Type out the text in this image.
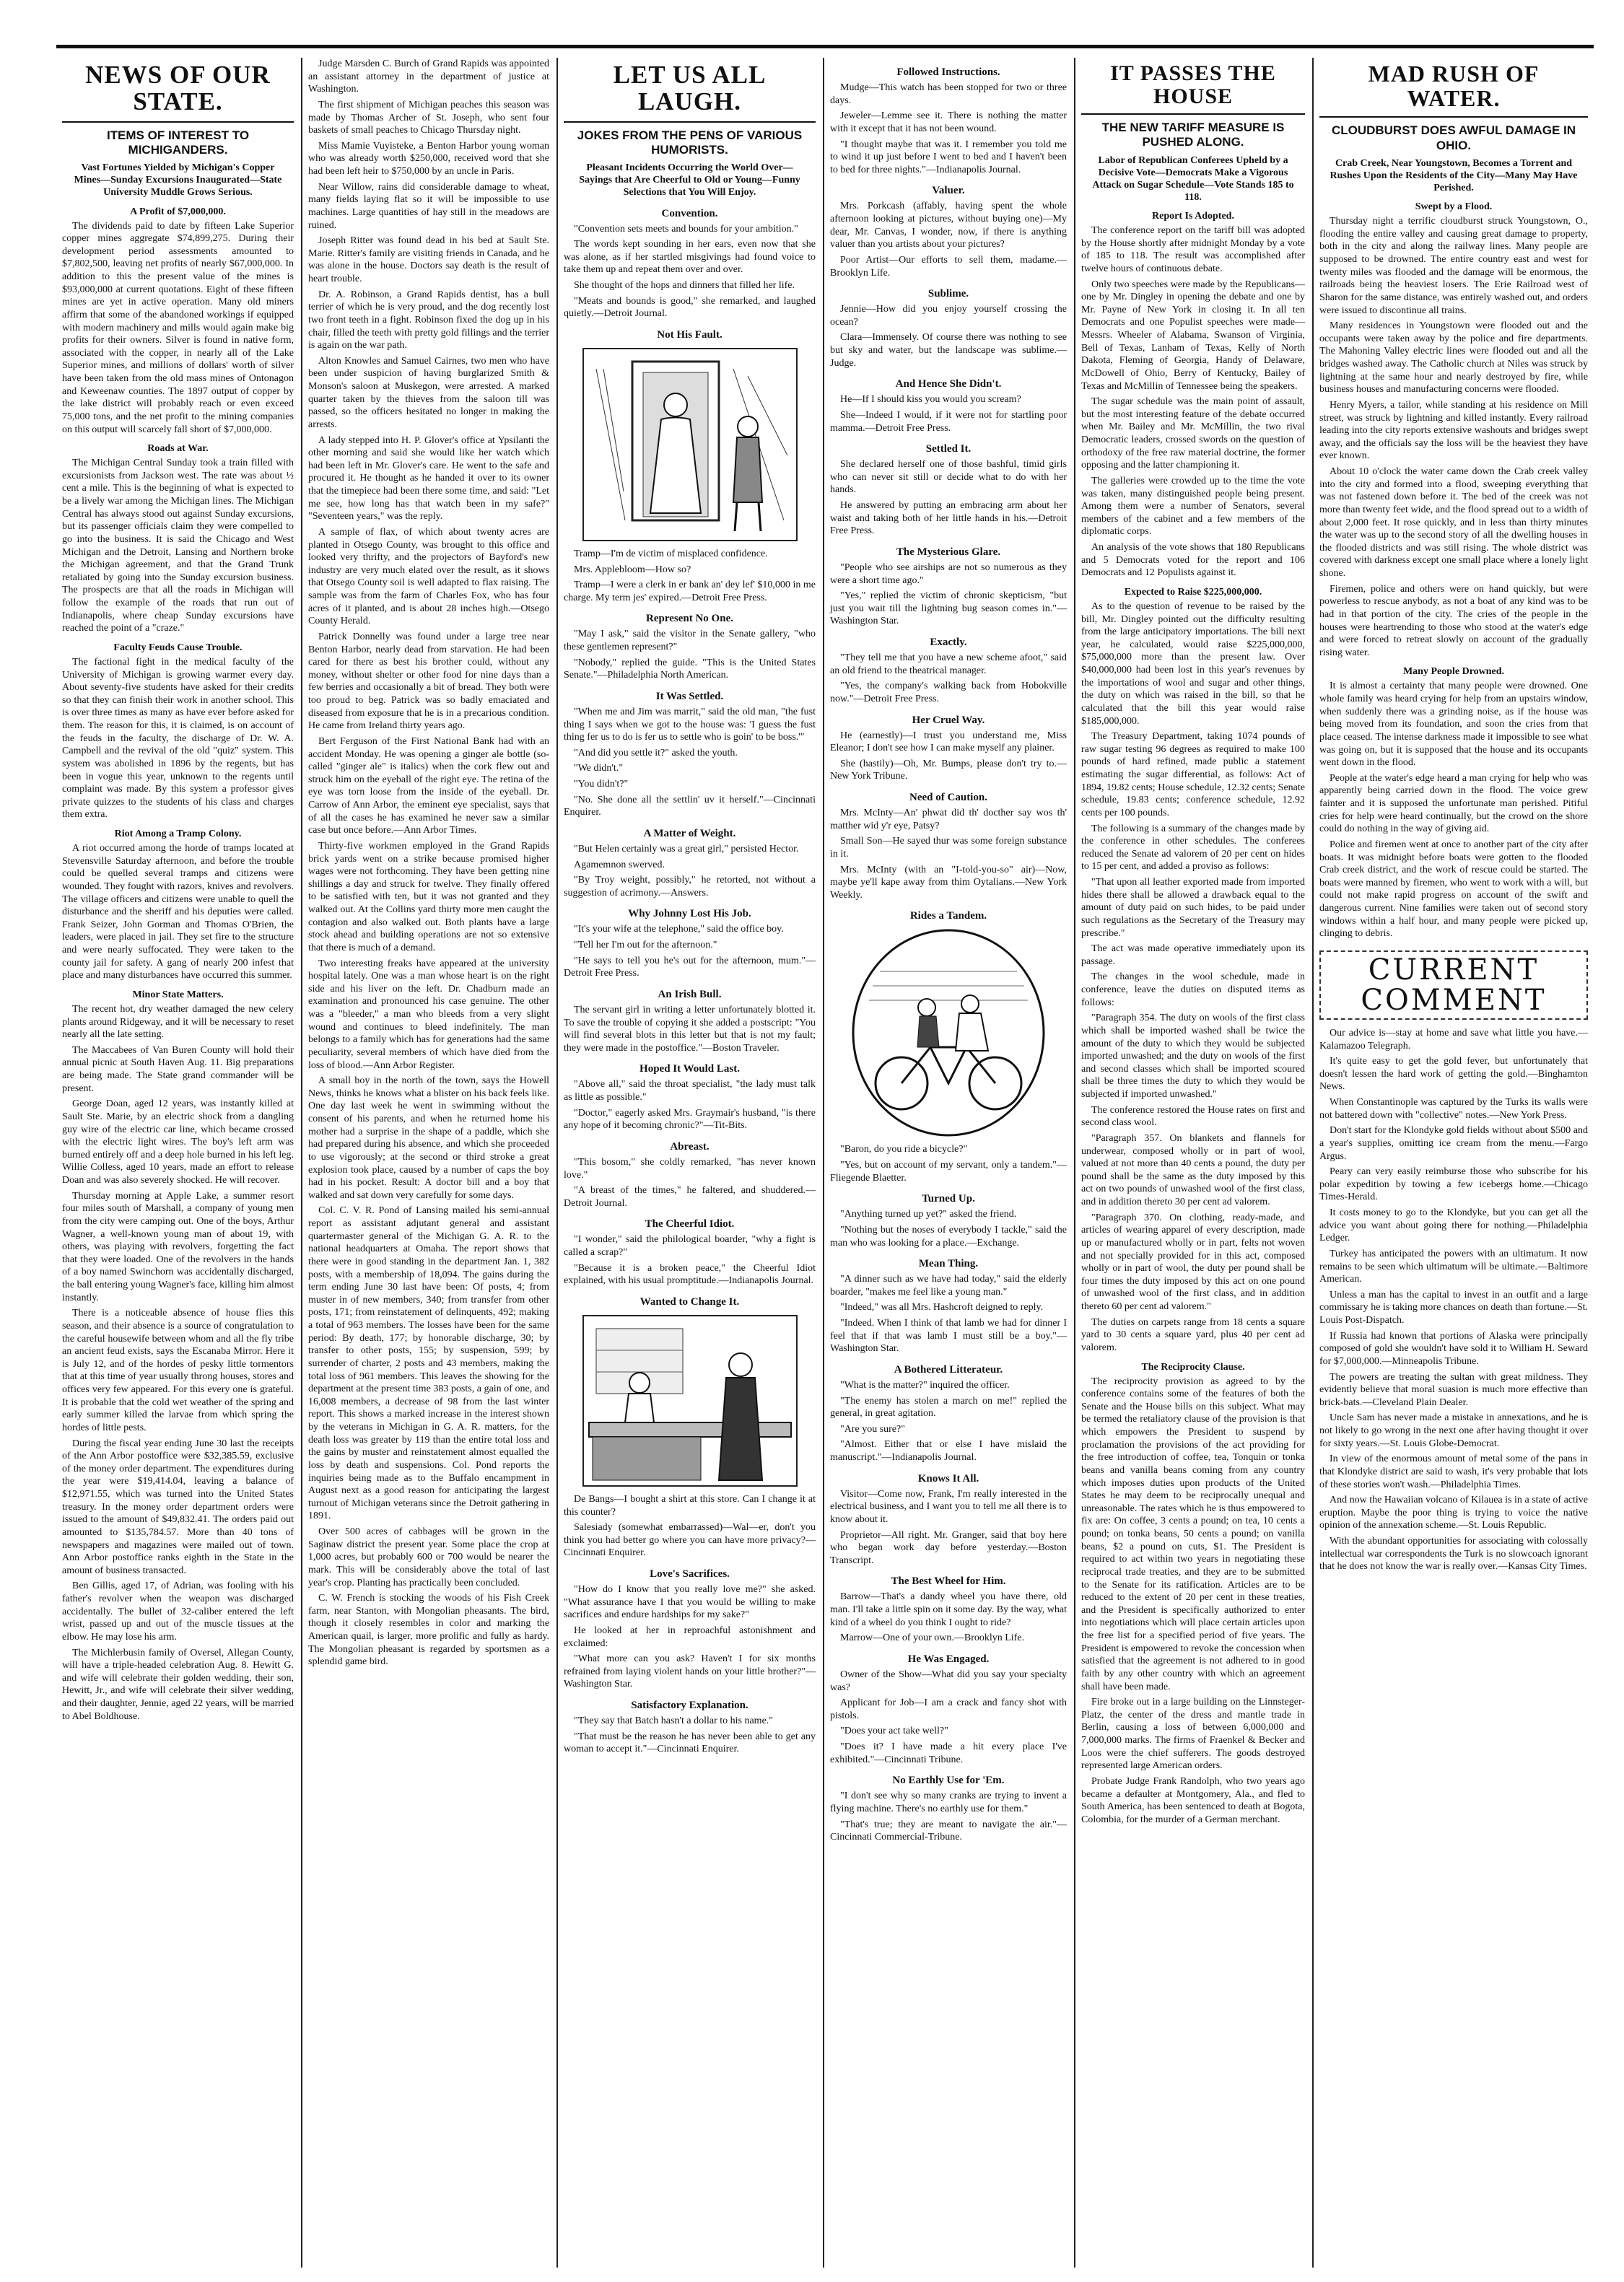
NEWS OF OUR STATE.
ITEMS OF INTEREST TO MICHIGANDERS.
Vast Fortunes Yielded by Michigan's Copper Mines—Sunday Excursions Inaugurated—State University Muddle Grows Serious.
A Profit of $7,000,000.

The dividends paid to date by fifteen Lake Superior copper mines aggregate $74,899,275. During their development period assessments amounted to $7,802,500, leaving net profits of nearly $67,000,000. In addition to this the present value of the mines is $93,000,000 at current quotations. Eight of these fifteen mines are yet in active operation. Many old miners affirm that some of the abandoned workings if equipped with modern machinery and mills would again make big profits for their owners. Silver is found in native form, associated with the copper, in nearly all of the Lake Superior mines, and millions of dollars' worth of silver have been taken from the old mass mines of Ontonagon and Keweenaw counties. The 1897 output of copper by the lake district will probably reach or even exceed 75,000 tons, and the net profit to the mining companies on this output will scarcely fall short of $7,000,000.

Roads at War.

The Michigan Central Sunday took a train filled with excursionists from Jackson west. The rate was about ½ cent a mile. This is the beginning of what is expected to be a lively war among the Michigan lines. The Michigan Central has always stood out against Sunday excursions, but its passenger officials claim they were compelled to go into the business. It is said the Chicago and West Michigan and the Detroit, Lansing and Northern broke the Michigan agreement, and that the Grand Trunk retaliated by going into the Sunday excursion business. The prospects are that all the roads in Michigan will follow the example of the roads that run out of Indianapolis, where cheap Sunday excursions have reached the point of a "craze."

Faculty Feuds Cause Trouble.

The factional fight in the medical faculty of the University of Michigan is growing warmer every day. About seventy-five students have asked for their credits so that they can finish their work in another school. This is over three times as many as have ever before asked for them. The reason for this, it is claimed, is on account of the feuds in the faculty, the discharge of Dr. W. A. Campbell and the revival of the old "quiz" system. This system was abolished in 1896 by the regents, but has been in vogue this year, unknown to the regents until complaint was made. By this system a professor gives private quizzes to the students of his class and charges them extra.

Riot Among a Tramp Colony.

A riot occurred among the horde of tramps located at Stevensville Saturday afternoon, and before the trouble could be quelled several tramps and citizens were wounded. They fought with razors, knives and revolvers. The village officers and citizens were unable to quell the disturbance and the sheriff and his deputies were called. Frank Seizer, John Gorman and Thomas O'Brien, the leaders, were placed in jail. They set fire to the structure and were nearly suffocated. They were taken to the county jail for safety. A gang of nearly 200 infest that place and many disturbances have occurred this summer.

Minor State Matters.

The recent hot, dry weather damaged the new celery plants around Ridgeway, and it will be necessary to reset nearly all the late setting.

The Maccabees of Van Buren County will hold their annual picnic at South Haven Aug. 11. Big preparations are being made. The State grand commander will be present.

George Doan, aged 12 years, was instantly killed at Sault Ste. Marie, by an electric shock from a dangling guy wire of the electric car line, which became crossed with the electric light wires. The boy's left arm was burned entirely off and a deep hole burned in his left leg. Willie Colless, aged 10 years, made an effort to release Doan and was also severely shocked. He will recover.

Thursday morning at Apple Lake, a summer resort four miles south of Marshall, a company of young men from the city were camping out. One of the boys, Arthur Wagner, a well-known young man of about 19, with others, was playing with revolvers, forgetting the fact that they were loaded. One of the revolvers in the hands of a boy named Swinchorn was accidentally discharged, the ball entering young Wagner's face, killing him almost instantly.

There is a noticeable absence of house flies this season, and their absence is a source of congratulation to the careful housewife between whom and all the fly tribe an ancient feud exists, says the Escanaba Mirror. Here it is July 12, and of the hordes of pesky little tormentors that at this time of year usually throng houses, stores and offices very few appeared. For this every one is grateful. It is probable that the cold wet weather of the spring and early summer killed the larvae from which spring the hordes of little pests.

During the fiscal year ending June 30 last the receipts of the Ann Arbor postoffice were $32,385.59, exclusive of the money order department. The expenditures during the year were $19,414.04, leaving a balance of $12,971.55, which was turned into the United States treasury. In the money order department orders were issued to the amount of $49,832.41. The orders paid out amounted to $135,784.57. More than 40 tons of newspapers and magazines were mailed out of town. Ann Arbor postoffice ranks eighth in the State in the amount of business transacted.

Ben Gillis, aged 17, of Adrian, was fooling with his father's revolver when the weapon was discharged accidentally. The bullet of 32-caliber entered the left wrist, passed up and out of the muscle tissues at the elbow. He may lose his arm.

The Michlerbusin family of Oversel, Allegan County, will have a triple-headed celebration Aug. 8. Hewitt G. and wife will celebrate their golden wedding, their son, Hewitt, Jr., and wife will celebrate their silver wedding, and their daughter, Jennie, aged 22 years, will be married to Abel Boldhouse.

Judge Marsden C. Burch of Grand Rapids was appointed an assistant attorney in the department of justice at Washington.

The first shipment of Michigan peaches this season was made by Thomas Archer of St. Joseph, who sent four baskets of small peaches to Chicago Thursday night.

Miss Mamie Vuyisteke, a Benton Harbor young woman who was already worth $250,000, received word that she had been left heir to $750,000 by an uncle in Paris.

Near Willow, rains did considerable damage to wheat, many fields laying flat so it will be impossible to use machines. Large quantities of hay still in the meadows are ruined.

Joseph Ritter was found dead in his bed at Sault Ste. Marie. Ritter's family are visiting friends in Canada, and he was alone in the house. Doctors say death is the result of heart trouble.

Dr. A. Robinson, a Grand Rapids dentist, has a bull terrier of which he is very proud, and the dog recently lost two front teeth in a fight. Robinson fixed the dog up in his chair, filled the teeth with pretty gold fillings and the terrier is again on the war path.

Alton Knowles and Samuel Cairnes, two men who have been under suspicion of having burglarized Smith & Monson's saloon at Muskegon, were arrested. A marked quarter taken by the thieves from the saloon till was passed, so the officers hesitated no longer in making the arrests.

A lady stepped into H. P. Glover's office at Ypsilanti the other morning and said she would like her watch which had been left in Mr. Glover's care. He went to the safe and procured it. He thought as he handed it over to its owner that the timepiece had been there some time, and said: "Let me see, how long has that watch been in my safe?" "Seventeen years," was the reply.

A sample of flax, of which about twenty acres are planted in Otsego County, was brought to this office and looked very thrifty, and the projectors of Bayford's new industry are very much elated over the result, as it shows that Otsego County soil is well adapted to flax raising. The sample was from the farm of Charles Fox, who has four acres of it planted, and is about 28 inches high.—Otsego County Herald.

Patrick Donnelly was found under a large tree near Benton Harbor, nearly dead from starvation. He had been cared for there as best his brother could, without any money, without shelter or other food for nine days than a few berries and occasionally a bit of bread. They both were too proud to beg. Patrick was so badly emaciated and diseased from exposure that he is in a precarious condition. He came from Ireland thirty years ago.

Bert Ferguson of the First National Bank had with an accident Monday. He was opening a ginger ale bottle (so-called "ginger ale" is italics) when the cork flew out and struck him on the eyeball of the right eye. The retina of the eye was torn loose from the inside of the eyeball. Dr. Carrow of Ann Arbor, the eminent eye specialist, says that of all the cases he has examined he never saw a similar case but once before.—Ann Arbor Times.

Thirty-five workmen employed in the Grand Rapids brick yards went on a strike because promised higher wages were not forthcoming. They have been getting nine shillings a day and struck for twelve. They finally offered to be satisfied with ten, but it was not granted and they walked out. At the Collins yard thirty more men caught the contagion and also walked out. Both plants have a large stock ahead and building operations are not so extensive that there is much of a demand.

Two interesting freaks have appeared at the university hospital lately. One was a man whose heart is on the right side and his liver on the left. Dr. Chadburn made an examination and pronounced his case genuine. The other was a "bleeder," a man who bleeds from a very slight wound and continues to bleed indefinitely. The man belongs to a family which has for generations had the same peculiarity, several members of which have died from the loss of blood.—Ann Arbor Register.

A small boy in the north of the town, says the Howell News, thinks he knows what a blister on his back feels like. One day last week he went in swimming without the consent of his parents, and when he returned home his mother had a surprise in the shape of a paddle, which she had prepared during his absence, and which she proceeded to use vigorously; at the second or third stroke a great explosion took place, caused by a number of caps the boy had in his pocket. Result: A doctor bill and a boy that walked and sat down very carefully for some days.

Col. C. V. R. Pond of Lansing mailed his semi-annual report as assistant adjutant general and assistant quartermaster general of the Michigan G. A. R. to the national headquarters at Omaha. The report shows that there were in good standing in the department Jan. 1, 382 posts, with a membership of 18,094. The gains during the term ending June 30 last have been: Of posts, 4; from muster in of new members, 340; from transfer from other posts, 171; from reinstatement of delinquents, 492; making a total of 963 members. The losses have been for the same period: By death, 177; by honorable discharge, 30; by transfer to other posts, 155; by suspension, 599; by surrender of charter, 2 posts and 43 members, making the total loss of 961 members. This leaves the showing for the department at the present time 383 posts, a gain of one, and 16,008 members, a decrease of 98 from the last winter report. This shows a marked increase in the interest shown by the veterans in Michigan in G. A. R. matters, for the death loss was greater by 119 than the entire total loss and the gains by muster and reinstatement almost equalled the loss by death and suspensions. Col. Pond reports the inquiries being made as to the Buffalo encampment in August next as a good reason for anticipating the largest turnout of Michigan veterans since the Detroit gathering in 1891.

Over 500 acres of cabbages will be grown in the Saginaw district the present year. Some place the crop at 1,000 acres, but probably 600 or 700 would be nearer the mark. This will be considerably above the total of last year's crop. Planting has practically been concluded.

C. W. French is stocking the woods of his Fish Creek farm, near Stanton, with Mongolian pheasants. The bird, though it closely resembles in color and marking the American quail, is larger, more prolific and fully as hardy. The Mongolian pheasant is regarded by sportsmen as a splendid game bird.

LET US ALL LAUGH.
JOKES FROM THE PENS OF VARIOUS HUMORISTS.
Pleasant Incidents Occurring the World Over—Sayings that Are Cheerful to Old or Young—Funny Selections that You Will Enjoy.
Convention.

"Convention sets meets and bounds for your ambition."

The words kept sounding in her ears, even now that she was alone, as if her startled misgivings had found voice to take them up and repeat them over and over.

She thought of the hops and dinners that filled her life.

"Meats and bounds is good," she remarked, and laughed quietly.—Detroit Journal.

Not His Fault.

Tramp—I'm de victim of misplaced confidence.

Mrs. Applebloom—How so?

Tramp—I were a clerk in er bank an' dey lef' $10,000 in me charge. My term jes' expired.—Detroit Free Press.

Represent No One.

"May I ask," said the visitor in the Senate gallery, "who these gentlemen represent?"

"Nobody," replied the guide. "This is the United States Senate."—Philadelphia North American.

It Was Settled.

"When me and Jim was marrit," said the old man, "the fust thing I says when we got to the house was: 'I guess the fust thing fer us to do is fer us to settle who is goin' to be boss.'"

"And did you settle it?" asked the youth.

"We didn't."

"You didn't?"

"No. She done all the settlin' uv it herself."—Cincinnati Enquirer.

A Matter of Weight.

"But Helen certainly was a great girl," persisted Hector.

Agamemnon swerved.

"By Troy weight, possibly," he retorted, not without a suggestion of acrimony.—Answers.

Why Johnny Lost His Job.

"It's your wife at the telephone," said the office boy.

"Tell her I'm out for the afternoon."

"He says to tell you he's out for the afternoon, mum."—Detroit Free Press.

An Irish Bull.

The servant girl in writing a letter unfortunately blotted it. To save the trouble of copying it she added a postscript: "You will find several blots in this letter but that is not my fault; they were made in the postoffice."—Boston Traveler.

Hoped It Would Last.

"Above all," said the throat specialist, "the lady must talk as little as possible."

"Doctor," eagerly asked Mrs. Graymair's husband, "is there any hope of it becoming chronic?"—Tit-Bits.

Abreast.

"This bosom," she coldly remarked, "has never known love."

"A breast of the times," he faltered, and shuddered.—Detroit Journal.

The Cheerful Idiot.

"I wonder," said the philological boarder, "why a fight is called a scrap?"

"Because it is a broken peace," the Cheerful Idiot explained, with his usual promptitude.—Indianapolis Journal.

Wanted to Change It.

De Bangs—I bought a shirt at this store. Can I change it at this counter?

Salesiady (somewhat embarrassed)—Wal—er, don't you think you had better go where you can have more privacy?—Cincinnati Enquirer.

Love's Sacrifices.

"How do I know that you really love me?" she asked. "What assurance have I that you would be willing to make sacrifices and endure hardships for my sake?"

He looked at her in reproachful astonishment and exclaimed:

"What more can you ask? Haven't I for six months refrained from laying violent hands on your little brother?"—Washington Star.

Satisfactory Explanation.

"They say that Batch hasn't a dollar to his name."

"That must be the reason he has never been able to get any woman to accept it."—Cincinnati Enquirer.

Followed Instructions.

Mudge—This watch has been stopped for two or three days.

Jeweler—Lemme see it. There is nothing the matter with it except that it has not been wound.

"I thought maybe that was it. I remember you told me to wind it up just before I went to bed and I haven't been to bed for three nights."—Indianapolis Journal.

Valuer.

Mrs. Porkcash (affably, having spent the whole afternoon looking at pictures, without buying one)—My dear, Mr. Canvas, I wonder, now, if there is anything valuer than you artists about your pictures?

Poor Artist—Our efforts to sell them, madame.—Brooklyn Life.

Sublime.

Jennie—How did you enjoy yourself crossing the ocean?

Clara—Immensely. Of course there was nothing to see but sky and water, but the landscape was sublime.—Judge.

And Hence She Didn't.

He—If I should kiss you would you scream?

She—Indeed I would, if it were not for startling poor mamma.—Detroit Free Press.

Settled It.

She declared herself one of those bashful, timid girls who can never sit still or decide what to do with her hands.

He answered by putting an embracing arm about her waist and taking both of her little hands in his.—Detroit Free Press.

The Mysterious Glare.

"People who see airships are not so numerous as they were a short time ago."

"Yes," replied the victim of chronic skepticism, "but just you wait till the lightning bug season comes in."—Washington Star.

Exactly.

"They tell me that you have a new scheme afoot," said an old friend to the theatrical manager.

"Yes, the company's walking back from Hobokville now."—Detroit Free Press.

Her Cruel Way.

He (earnestly)—I trust you understand me, Miss Eleanor; I don't see how I can make myself any plainer.

She (hastily)—Oh, Mr. Bumps, please don't try to.—New York Tribune.

Need of Caution.

Mrs. McInty—An' phwat did th' docther say wos th' matther wid y'r eye, Patsy?

Small Son—He sayed thur was some foreign substance in it.

Mrs. McInty (with an "I-told-you-so" air)—Now, maybe ye'll kape away from thim Oytalians.—New York Weekly.

Rides a Tandem.

"Baron, do you ride a bicycle?"

"Yes, but on account of my servant, only a tandem."—Fliegende Blaetter.

Turned Up.

"Anything turned up yet?" asked the friend.

"Nothing but the noses of everybody I tackle," said the man who was looking for a place.—Exchange.

Mean Thing.

"A dinner such as we have had today," said the elderly boarder, "makes me feel like a young man."

"Indeed," was all Mrs. Hashcroft deigned to reply.

"Indeed. When I think of that lamb we had for dinner I feel that if that was lamb I must still be a boy."—Washington Star.

A Bothered Litterateur.

"What is the matter?" inquired the officer.

"The enemy has stolen a march on me!" replied the general, in great agitation.

"Are you sure?"

"Almost. Either that or else I have mislaid the manuscript."—Indianapolis Journal.

Knows It All.

Visitor—Come now, Frank, I'm really interested in the electrical business, and I want you to tell me all there is to know about it.

Proprietor—All right. Mr. Granger, said that boy here who began work day before yesterday.—Boston Transcript.

The Best Wheel for Him.

Barrow—That's a dandy wheel you have there, old man. I'll take a little spin on it some day. By the way, what kind of a wheel do you think I ought to ride?

Marrow—One of your own.—Brooklyn Life.

He Was Engaged.

Owner of the Show—What did you say your specialty was?

Applicant for Job—I am a crack and fancy shot with pistols.

"Does your act take well?"

"Does it? I have made a hit every place I've exhibited."—Cincinnati Tribune.

No Earthly Use for 'Em.

"I don't see why so many cranks are trying to invent a flying machine. There's no earthly use for them."

"That's true; they are meant to navigate the air."—Cincinnati Commercial-Tribune.

IT PASSES THE HOUSE
THE NEW TARIFF MEASURE IS PUSHED ALONG.
Labor of Republican Conferees Upheld by a Decisive Vote—Democrats Make a Vigorous Attack on Sugar Schedule—Vote Stands 185 to 118.
Report Is Adopted.

The conference report on the tariff bill was adopted by the House shortly after midnight Monday by a vote of 185 to 118. The result was accomplished after twelve hours of continuous debate.

Only two speeches were made by the Republicans—one by Mr. Dingley in opening the debate and one by Mr. Payne of New York in closing it. In all ten Democrats and one Populist speeches were made—Messrs. Wheeler of Alabama, Swanson of Virginia, Bell of Texas, Lanham of Texas, Kelly of North Dakota, Fleming of Georgia, Handy of Delaware, McDowell of Ohio, Berry of Kentucky, Bailey of Texas and McMillin of Tennessee being the speakers.

The sugar schedule was the main point of assault, but the most interesting feature of the debate occurred when Mr. Bailey and Mr. McMillin, the two rival Democratic leaders, crossed swords on the question of orthodoxy of the free raw material doctrine, the former opposing and the latter championing it.

The galleries were crowded up to the time the vote was taken, many distinguished people being present. Among them were a number of Senators, several members of the cabinet and a few members of the diplomatic corps.

An analysis of the vote shows that 180 Republicans and 5 Democrats voted for the report and 106 Democrats and 12 Populists against it.

Expected to Raise $225,000,000.

As to the question of revenue to be raised by the bill, Mr. Dingley pointed out the difficulty resulting from the large anticipatory importations. The bill next year, he calculated, would raise $225,000,000, $75,000,000 more than the present law. Over $40,000,000 had been lost in this year's revenues by the importations of wool and sugar and other things, the duty on which was raised in the bill, so that he calculated that the bill this year would raise $185,000,000.

The Treasury Department, taking 1074 pounds of raw sugar testing 96 degrees as required to make 100 pounds of hard refined, made public a statement estimating the sugar differential, as follows: Act of 1894, 19.82 cents; House schedule, 12.32 cents; Senate schedule, 19.83 cents; conference schedule, 12.92 cents per 100 pounds.

The following is a summary of the changes made by the conference in other schedules. The conferees reduced the Senate ad valorem of 20 per cent on hides to 15 per cent, and added a proviso as follows:

"That upon all leather exported made from imported hides there shall be allowed a drawback equal to the amount of duty paid on such hides, to be paid under such regulations as the Secretary of the Treasury may prescribe."

The act was made operative immediately upon its passage.

The changes in the wool schedule, made in conference, leave the duties on disputed items as follows:

"Paragraph 354. The duty on wools of the first class which shall be imported washed shall be twice the amount of the duty to which they would be subjected imported unwashed; and the duty on wools of the first and second classes which shall be imported scoured shall be three times the duty to which they would be subjected if imported unwashed."

The conference restored the House rates on first and second class wool.

"Paragraph 357. On blankets and flannels for underwear, composed wholly or in part of wool, valued at not more than 40 cents a pound, the duty per pound shall be the same as the duty imposed by this act on two pounds of unwashed wool of the first class, and in addition thereto 30 per cent ad valorem.

"Paragraph 370. On clothing, ready-made, and articles of wearing apparel of every description, made up or manufactured wholly or in part, felts not woven and not specially provided for in this act, composed wholly or in part of wool, the duty per pound shall be four times the duty imposed by this act on one pound of unwashed wool of the first class, and in addition thereto 60 per cent ad valorem."

The duties on carpets range from 18 cents a square yard to 30 cents a square yard, plus 40 per cent ad valorem.

The Reciprocity Clause.

The reciprocity provision as agreed to by the conference contains some of the features of both the Senate and the House bills on this subject. What may be termed the retaliatory clause of the provision is that which empowers the President to suspend by proclamation the provisions of the act providing for the free introduction of coffee, tea, Tonquin or tonka beans and vanilla beans coming from any country which imposes duties upon products of the United States he may deem to be reciprocally unequal and unreasonable. The rates which he is thus empowered to fix are: On coffee, 3 cents a pound; on tea, 10 cents a pound; on tonka beans, 50 cents a pound; on vanilla beans, $2 a pound on cuts, $1. The President is required to act within two years in negotiating these reciprocal trade treaties, and they are to be submitted to the Senate for its ratification. Articles are to be reduced to the extent of 20 per cent in these treaties, and the President is specifically authorized to enter into negotiations which will place certain articles upon the free list for a specified period of five years. The President is empowered to revoke the concession when satisfied that the agreement is not adhered to in good faith by any other country with which an agreement shall have been made.

Fire broke out in a large building on the Linnsteger-Platz, the center of the dress and mantle trade in Berlin, causing a loss of between 6,000,000 and 7,000,000 marks. The firms of Fraenkel & Becker and Loos were the chief sufferers. The goods destroyed represented large American orders.

Probate Judge Frank Randolph, who two years ago became a defaulter at Montgomery, Ala., and fled to South America, has been sentenced to death at Bogota, Colombia, for the murder of a German merchant.

MAD RUSH OF WATER.
CLOUDBURST DOES AWFUL DAMAGE IN OHIO.
Crab Creek, Near Youngstown, Becomes a Torrent and Rushes Upon the Residents of the City—Many May Have Perished.
Swept by a Flood.

Thursday night a terrific cloudburst struck Youngstown, O., flooding the entire valley and causing great damage to property, both in the city and along the railway lines. Many people are supposed to be drowned. The entire country east and west for twenty miles was flooded and the damage will be enormous, the railroads being the heaviest losers. The Erie Railroad west of Sharon for the same distance, was entirely washed out, and orders were issued to discontinue all trains.

Many residences in Youngstown were flooded out and the occupants were taken away by the police and fire departments. The Mahoning Valley electric lines were flooded out and all the bridges washed away. The Catholic church at Niles was struck by lightning at the same hour and nearly destroyed by fire, while business houses and manufacturing concerns were flooded.

Henry Myers, a tailor, while standing at his residence on Mill street, was struck by lightning and killed instantly. Every railroad leading into the city reports extensive washouts and bridges swept away, and the officials say the loss will be the heaviest they have ever known.

About 10 o'clock the water came down the Crab creek valley into the city and formed into a flood, sweeping everything that was not fastened down before it. The bed of the creek was not more than twenty feet wide, and the flood spread out to a width of about 2,000 feet. It rose quickly, and in less than thirty minutes the water was up to the second story of all the dwelling houses in the flooded districts and was still rising. The whole district was covered with darkness except one small place where a lonely light shone.

Firemen, police and others were on hand quickly, but were powerless to rescue anybody, as not a boat of any kind was to be had in that portion of the city. The cries of the people in the houses were heartrending to those who stood at the water's edge and were forced to retreat slowly on account of the gradually rising water.

Many People Drowned.

It is almost a certainty that many people were drowned. One whole family was heard crying for help from an upstairs window, when suddenly there was a grinding noise, as if the house was being moved from its foundation, and soon the cries from that place ceased. The intense darkness made it impossible to see what was going on, but it is supposed that the house and its occupants went down in the flood.

People at the water's edge heard a man crying for help who was apparently being carried down in the flood. The voice grew fainter and it is supposed the unfortunate man perished. Pitiful cries for help were heard continually, but the crowd on the shore could do nothing in the way of giving aid.

Police and firemen went at once to another part of the city after boats. It was midnight before boats were gotten to the flooded Crab creek district, and the work of rescue could be started. The boats were manned by firemen, who went to work with a will, but could not make rapid progress on account of the swift and dangerous current. Nine families were taken out of second story windows within a half hour, and many people were picked up, clinging to debris.

CURRENT COMMENT

Our advice is—stay at home and save what little you have.—Kalamazoo Telegraph.

It's quite easy to get the gold fever, but unfortunately that doesn't lessen the hard work of getting the gold.—Binghamton News.

When Constantinople was captured by the Turks its walls were not battered down with "collective" notes.—New York Press.

Don't start for the Klondyke gold fields without about $500 and a year's supplies, omitting ice cream from the menu.—Fargo Argus.

Peary can very easily reimburse those who subscribe for his polar expedition by towing a few icebergs home.—Chicago Times-Herald.

It costs money to go to the Klondyke, but you can get all the advice you want about going there for nothing.—Philadelphia Ledger.

Turkey has anticipated the powers with an ultimatum. It now remains to be seen which ultimatum will be ultimate.—Baltimore American.

Unless a man has the capital to invest in an outfit and a large commissary he is taking more chances on death than fortune.—St. Louis Post-Dispatch.

If Russia had known that portions of Alaska were principally composed of gold she wouldn't have sold it to William H. Seward for $7,000,000.—Minneapolis Tribune.

The powers are treating the sultan with great mildness. They evidently believe that moral suasion is much more effective than brick-bats.—Cleveland Plain Dealer.

Uncle Sam has never made a mistake in annexations, and he is not likely to go wrong in the next one after having thought it over for sixty years.—St. Louis Globe-Democrat.

In view of the enormous amount of metal some of the pans in that Klondyke district are said to wash, it's very probable that lots of these stories won't wash.—Philadelphia Times.

And now the Hawaiian volcano of Kilauea is in a state of active eruption. Maybe the poor thing is trying to voice the native opinion of the annexation scheme.—St. Louis Republic.

With the abundant opportunities for associating with colossally intellectual war correspondents the Turk is no slowcoach ignorant that he does not know the war is really over.—Kansas City Times.
